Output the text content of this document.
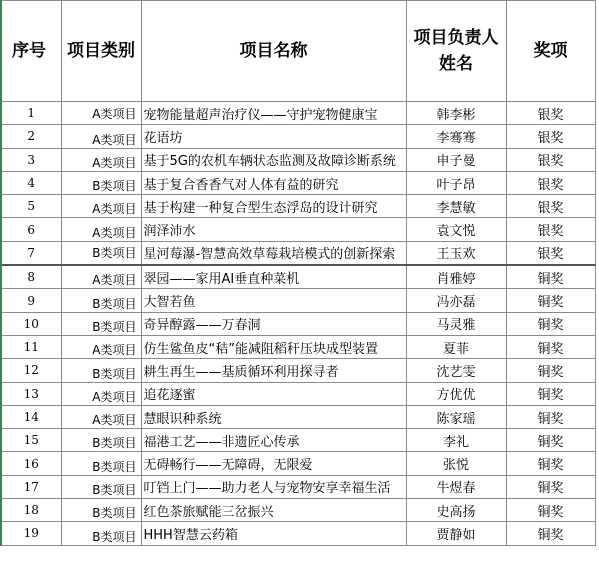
序号	项目类别	项目名称	项目负责人姓名	奖项
1	A类项目	宠物能量超声治疗仪——守护宠物健康宝	韩李彬	银奖
2	A类项目	花语坊	李骞骞	银奖
3	A类项目	基于5G的农机车辆状态监测及故障诊断系统	申子曼	银奖
4	B类项目	基于复合香香气对人体有益的研究	叶子昂	银奖
5	A类项目	基于构建一种复合型生态浮岛的设计研究	李慧敏	银奖
6	A类项目	润泽沛水	袁文悦	银奖
7	B类项目	星河莓瀑-智慧高效草莓栽培模式的创新探索	王玉欢	银奖
8	A类项目	翠园——家用AI垂直种菜机	肖雅婷	铜奖
9	B类项目	大智若鱼	冯亦磊	铜奖
10	B类项目	奇异醇露——万春洞	马灵雅	铜奖
11	A类项目	仿生鲨鱼皮“秸”能减阻稻秆压块成型装置	夏菲	铜奖
12	B类项目	耕生再生——基质循环利用探寻者	沈艺雯	铜奖
13	A类项目	追花逐蜜	方优优	铜奖
14	A类项目	慧眼识种系统	陈家瑶	铜奖
15	B类项目	福港工艺——非遗匠心传承	李礼	铜奖
16	B类项目	无碍畅行——无障碍，无限爱	张悦	铜奖
17	B类项目	叮铛上门——助力老人与宠物安享幸福生活	牛煜春	铜奖
18	B类项目	红色茶旅赋能三岔振兴	史高扬	铜奖
19	B类项目	HHH智慧云药箱	贾静如	铜奖
